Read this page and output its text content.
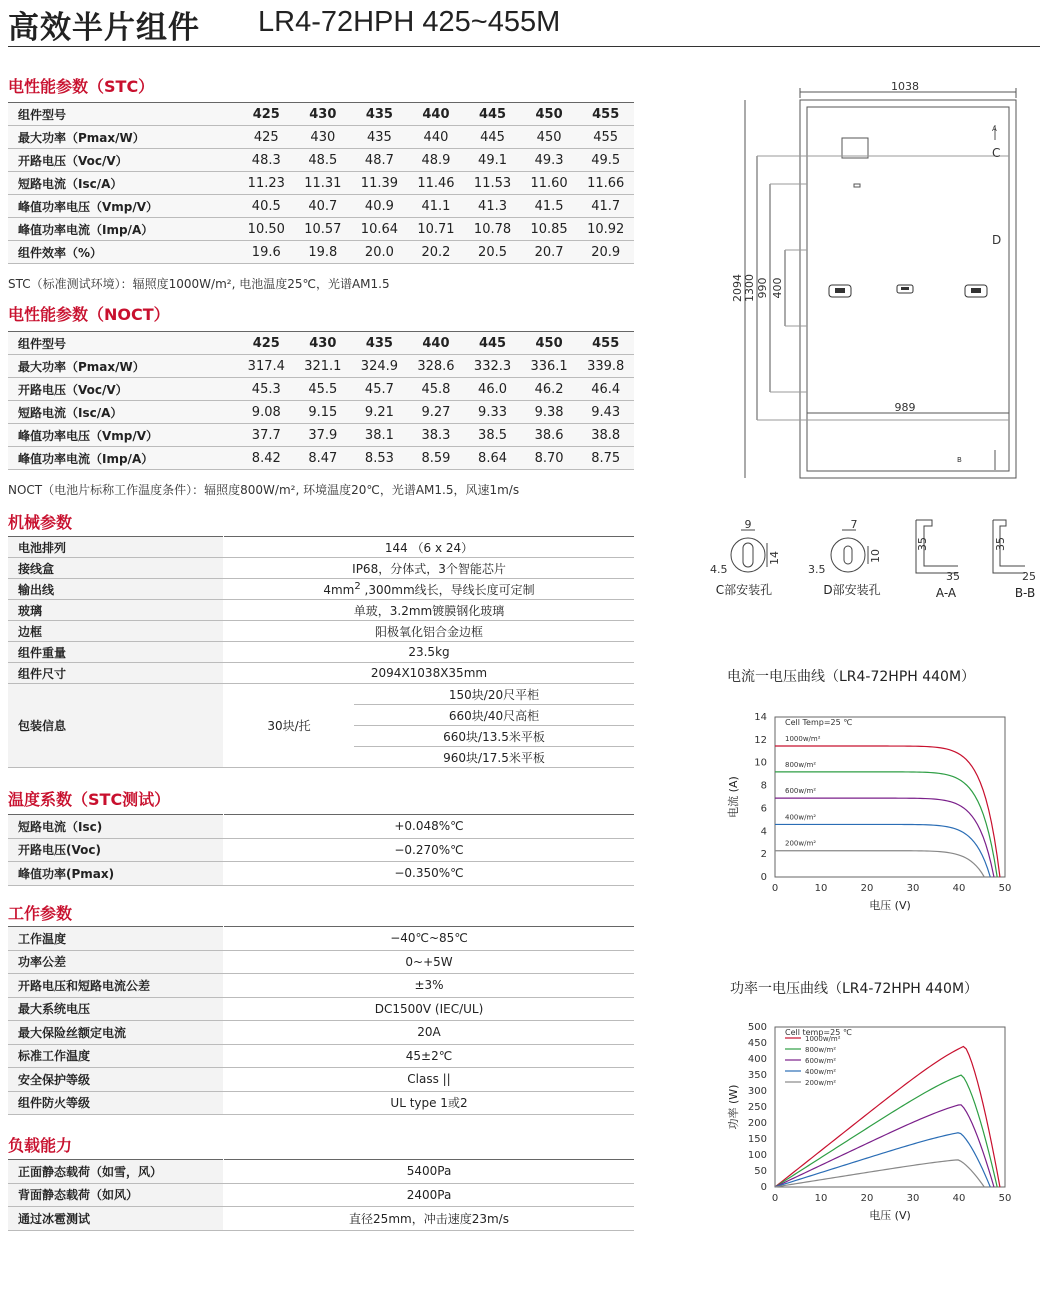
高效半片组件 LR4-72HPH 425~455M
电性能参数（STC）
组件型号	425	430	435	440	445	450	455
最大功率（Pmax/W）	425	430	435	440	445	450	455
开路电压（Voc/V）	48.3	48.5	48.7	48.9	49.1	49.3	49.5
短路电流（Isc/A）	11.23	11.31	11.39	11.46	11.53	11.60	11.66
峰值功率电压（Vmp/V）	40.5	40.7	40.9	41.1	41.3	41.5	41.7
峰值功率电流（Imp/A）	10.50	10.57	10.64	10.71	10.78	10.85	10.92
组件效率（%）	19.6	19.8	20.0	20.2	20.5	20.7	20.9
STC（标准测试环境）：辐照度1000W/m², 电池温度25℃，光谱AM1.5
电性能参数（NOCT）
组件型号	425	430	435	440	445	450	455
最大功率（Pmax/W）	317.4	321.1	324.9	328.6	332.3	336.1	339.8
开路电压（Voc/V）	45.3	45.5	45.7	45.8	46.0	46.2	46.4
短路电流（Isc/A）	9.08	9.15	9.21	9.27	9.33	9.38	9.43
峰值功率电压（Vmp/V）	37.7	37.9	38.1	38.3	38.5	38.6	38.8
峰值功率电流（Imp/A）	8.42	8.47	8.53	8.59	8.64	8.70	8.75
NOCT（电池片标称工作温度条件）：辐照度800W/m², 环境温度20℃，光谱AM1.5，风速1m/s
机械参数
电池排列	144 （6 x 24）	
接线盒	IP68，分体式，3个智能芯片	
输出线	$4mm^2$ ,300mm线长，导线长度可定制	
玻璃	单玻，3.2mm镀膜钢化玻璃	
边框	阳极氧化铝合金边框	
组件重量	23.5kg	
组件尺寸	2094X1038X35mm	
包装信息	30块/托	150块/20尺平柜
		660块/40尺高柜
		660块/13.5米平板
		960块/17.5米平板
温度系数（STC测试）
短路电流（Isc)	+0.048%℃
开路电压(Voc)	−0.270%℃
峰值功率(Pmax)	−0.350%℃
工作参数
工作温度	−40℃~85℃
功率公差	0~+5W
开路电压和短路电流公差	±3%
最大系统电压	DC1500V (IEC/UL)
最大保险丝额定电流	20A
标准工作温度	45±2℃
安全保护等级	Class ||
组件防火等级	UL type 1或2
负载能力
正面静态载荷（如雪，风）	5400Pa
背面静态载荷（如风）	2400Pa
通过冰雹测试	直径25mm，冲击速度23m/s
1038
989
2094 1300 990 400
A
C
D
B
9
14
4.5
C部安装孔
7
10
3.5
D部安装孔
35
35
A-A
35
25
B-B
电流一电压曲线（LR4-72HPH 440M）
0	10	20	30	40	50
0
2
4
6
8
10
12
14
电压 (V)
电流 (A)
Cell Temp=25 ℃
1000w/m²
800w/m²
600w/m²
400w/m²
200w/m²
功率一电压曲线（LR4-72HPH 440M）
0	10	20	30	40	50
0
50
100
150
200
250
300
350
400
450
500
电压 (V)
功率 (W)
Cell temp=25 ℃
1000w/m²
800w/m²
600w/m²
400w/m²
200w/m²
